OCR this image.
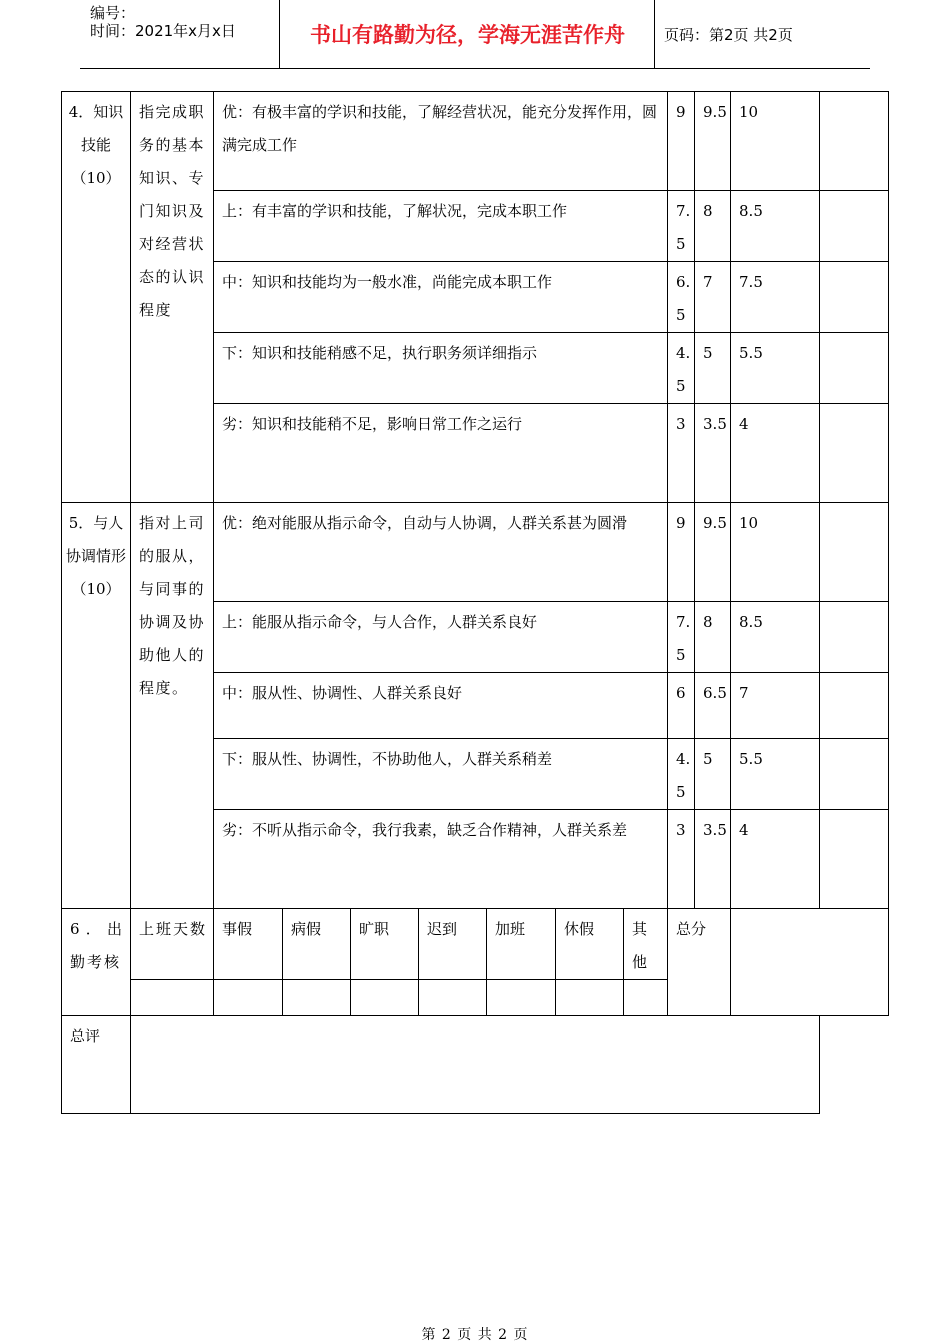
编号：
时间：2021年x月x日	书山有路勤为径，学海无涯苦作舟	页码：第2页 共2页
4．知识技能（10）	指完成职务的基本知识、专门知识及对经营状态的认识程度	优：有极丰富的学识和技能，了解经营状况，能充分发挥作用，圆满完成工作							9	9.5	10	
		上：有丰富的学识和技能，了解状况，完成本职工作							7.5	8	8.5	
		中：知识和技能均为一般水准，尚能完成本职工作							6.5	7	7.5	
		下：知识和技能稍感不足，执行职务须详细指示							4.5	5	5.5	
		劣：知识和技能稍不足，影响日常工作之运行							3	3.5	4	
5．与人协调情形（10）	指对上司的服从，与同事的协调及协助他人的程度。	优：绝对能服从指示命令，自动与人协调，人群关系甚为圆滑							9	9.5	10	
		上：能服从指示命令，与人合作，人群关系良好							7.5	8	8.5	
		中：服从性、协调性、人群关系良好							6	6.5	7	
		下：服从性、协调性，不协助他人，人群关系稍差							4.5	5	5.5	
		劣：不听从指示命令，我行我素，缺乏合作精神，人群关系差							3	3.5	4	
6．出勤考核	上班天数	事假	病假	旷职	迟到	加班	休假	其他	总分			

总评												
第 2 页 共 2 页
